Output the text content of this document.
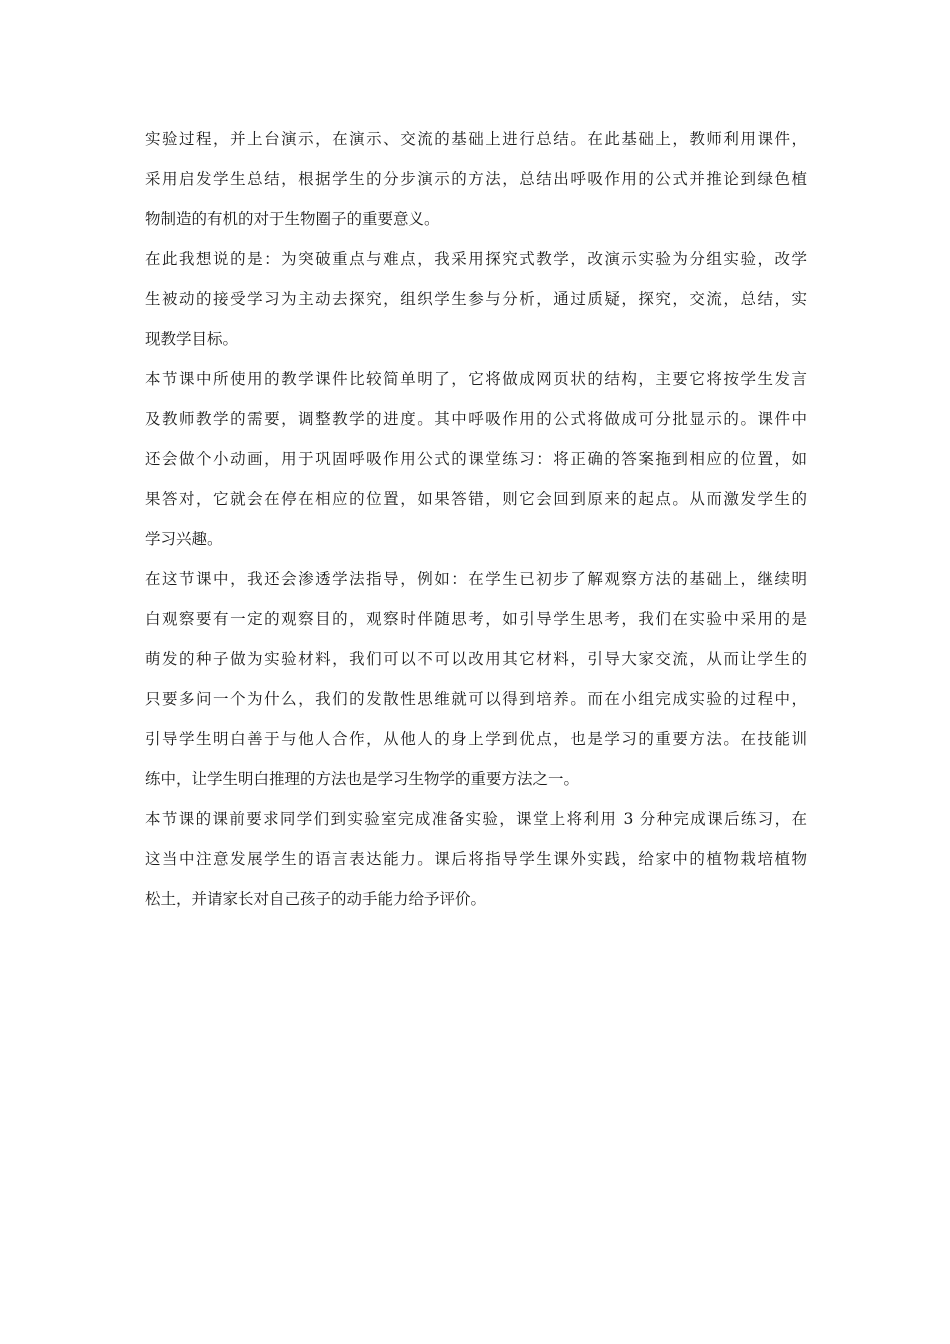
实验过程，并上台演示，在演示、交流的基础上进行总结。在此基础上，教师利用课件，
采用启发学生总结，根据学生的分步演示的方法，总结出呼吸作用的公式并推论到绿色植
物制造的有机的对于生物圈子的重要意义。
在此我想说的是：为突破重点与难点，我采用探究式教学，改演示实验为分组实验，改学
生被动的接受学习为主动去探究，组织学生参与分析，通过质疑，探究，交流，总结，实
现教学目标。
本节课中所使用的教学课件比较简单明了，它将做成网页状的结构，主要它将按学生发言
及教师教学的需要，调整教学的进度。其中呼吸作用的公式将做成可分批显示的。课件中
还会做个小动画，用于巩固呼吸作用公式的课堂练习：将正确的答案拖到相应的位置，如
果答对，它就会在停在相应的位置，如果答错，则它会回到原来的起点。从而激发学生的
学习兴趣。
在这节课中，我还会渗透学法指导，例如：在学生已初步了解观察方法的基础上，继续明
白观察要有一定的观察目的，观察时伴随思考，如引导学生思考，我们在实验中采用的是
萌发的种子做为实验材料，我们可以不可以改用其它材料，引导大家交流，从而让学生的
只要多问一个为什么，我们的发散性思维就可以得到培养。而在小组完成实验的过程中，
引导学生明白善于与他人合作，从他人的身上学到优点，也是学习的重要方法。在技能训
练中，让学生明白推理的方法也是学习生物学的重要方法之一。
本节课的课前要求同学们到实验室完成准备实验，课堂上将利用 3 分种完成课后练习，在
这当中注意发展学生的语言表达能力。课后将指导学生课外实践，给家中的植物栽培植物
松土，并请家长对自己孩子的动手能力给予评价。
